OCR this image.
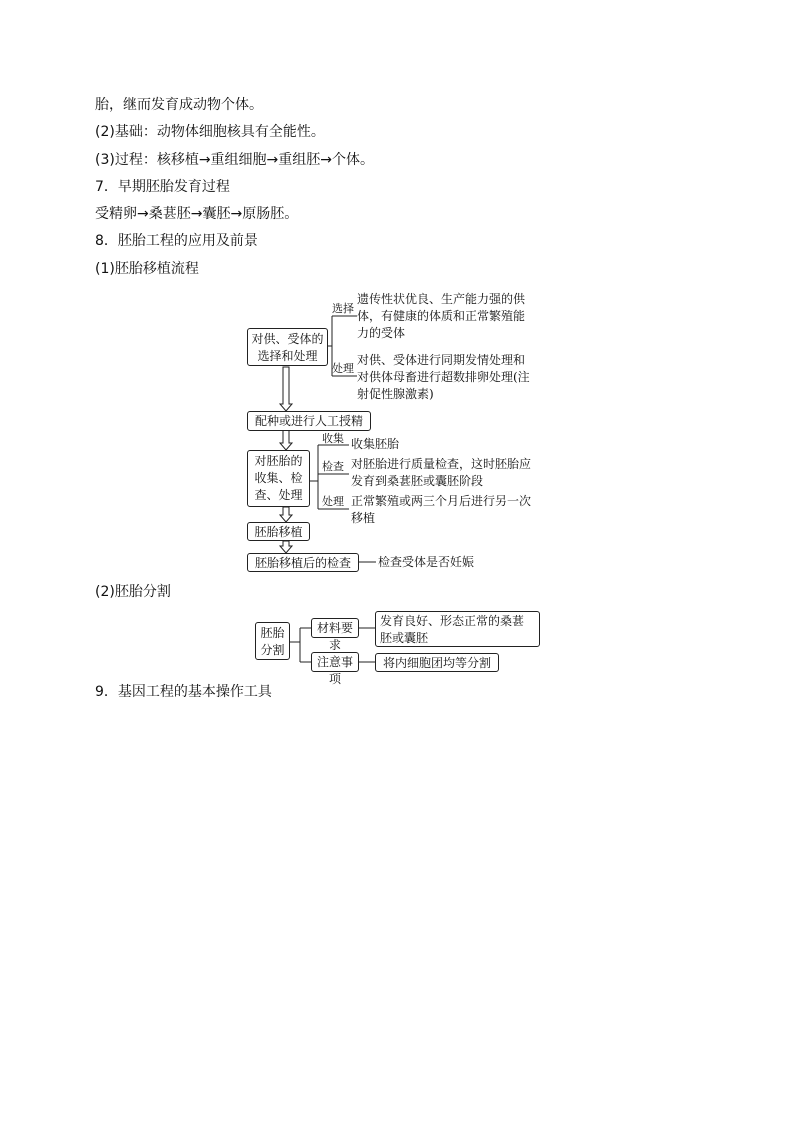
胎，继而发育成动物个体。
(2)基础：动物体细胞核具有全能性。
(3)过程：核移植→重组细胞→重组胚→个体。
7．早期胚胎发育过程
受精卵→桑葚胚→囊胚→原肠胚。
8．胚胎工程的应用及前景
(1)胚胎移植流程
(2)胚胎分割
9．基因工程的基本操作工具
对供、受体的
选择和处理
配种或进行人工授精
对胚胎的
收集、检
查、处理
胚胎移植
胚胎移植后的检查
选择
遗传性状优良、生产能力强的供
体，有健康的体质和正常繁殖能
力的受体
处理
对供、受体进行同期发情处理和
对供体母畜进行超数排卵处理(注
射促性腺激素)
收集 收集胚胎
检查 对胚胎进行质量检查，这时胚胎应
发育到桑葚胚或囊胚阶段
处理 正常繁殖或两三个月后进行另一次
移植
检查受体是否妊娠
胚胎
分割
材料要求
注意事项
发育良好、形态正常的桑葚
胚或囊胚
将内细胞团均等分割
